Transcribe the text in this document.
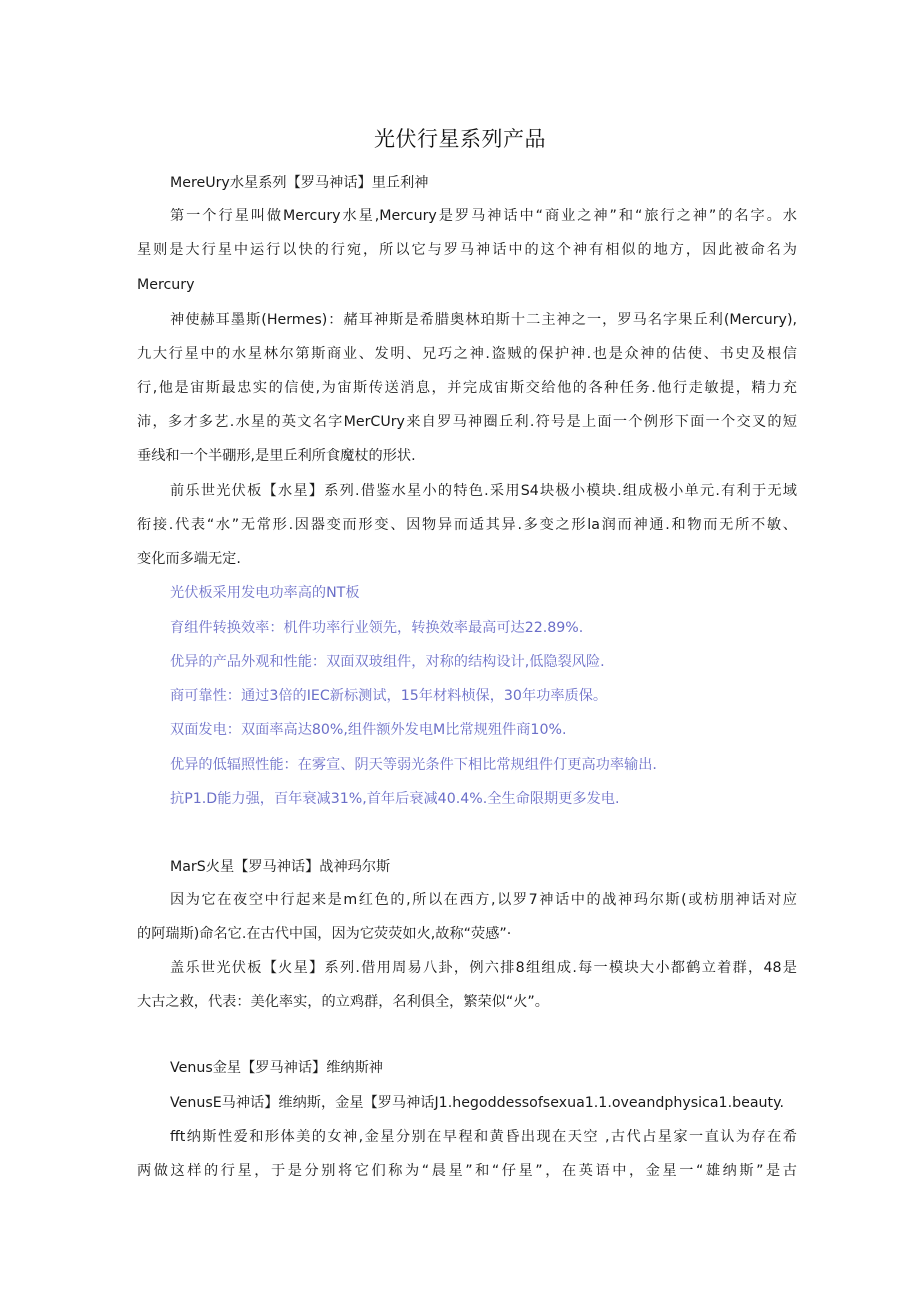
光伏行星系列产品
MereUry水星系列【罗马神话】里丘利神
第一个行星叫做Mercury水星,Mercury是罗马神话中“商业之神”和“旅行之神”的名字。水
星则是大行星中运行以快的行宛，所以它与罗马神话中的这个神有相似的地方，因此被命名为
Mercury
神使赫耳墨斯(Hermes)：赭耳神斯是希腊奥林珀斯十二主神之一，罗马名字果丘利(Mercury),
九大行星中的水星林尔第斯商业、发明、兄巧之神.盗贼的保护神.也是众神的估使、书史及根信
行,他是宙斯最忠实的信使,为宙斯传送消息，并完成宙斯交给他的各种任务.他行走敏提，精力充
沛，多才多艺.水星的英文名字MerCUry来自罗马神圈丘利.符号是上面一个例形下面一个交叉的短
垂线和一个半硼形,是里丘利所食魔杖的形状.
前乐世光伏板【水星】系列.借鉴水星小的特色.采用S4块极小模块.组成极小单元.有利于无域
衔接.代表“水”无常形.因器变而形变、因物异而适其异.多变之形la润而神通.和物而无所不敏、
变化而多端无定.
光伏板采用发电功率高的NT板
育组件转换效率：机件功率行业领先，转换效率最高可达22.89%.
优异的产品外观和性能：双面双玻组件，对称的结构设计,低隐裂风险.
商可靠性：通过3倍的IEC新标测试，15年材料桢保，30年功率质保。
双面发电：双面率高达80%,组件额外发电M比常规殂件商10%.
优异的低辐照性能：在雾宣、阴天等弱光条件下相比常规组件仃更高功率输出.
抗P1.D能力强，百年衰减31%,首年后衰减40.4%.全生命限期更多发电.
MarS火星【罗马神话】战神玛尔斯
因为它在夜空中行起来是m红色的,所以在西方,以罗7神话中的战神玛尔斯(或枋朋神话对应
的阿瑞斯)命名它.在古代中国，因为它荧荧如火,故称“荧感”·
盖乐世光伏板【火星】系列.借用周易八卦，例六排8组组成.每一模块大小都鹤立着群，48是
大古之救，代表：美化率实，的立鸡群，名利俱全，繁荣似“火”。
Venus金星【罗马神话】维纳斯神
VenusE马神话】维纳斯，金星【罗马神话J1.hegoddessofsexua1.1.oveandphysica1.beauty.
fft纳斯性爱和形体美的女神,金星分别在早程和黄昏出现在天空 ,古代占星家一直认为存在希
两做这样的行星，于是分别将它们称为“晨星”和“仔星”，在英语中，金星一“雄纳斯”是古
